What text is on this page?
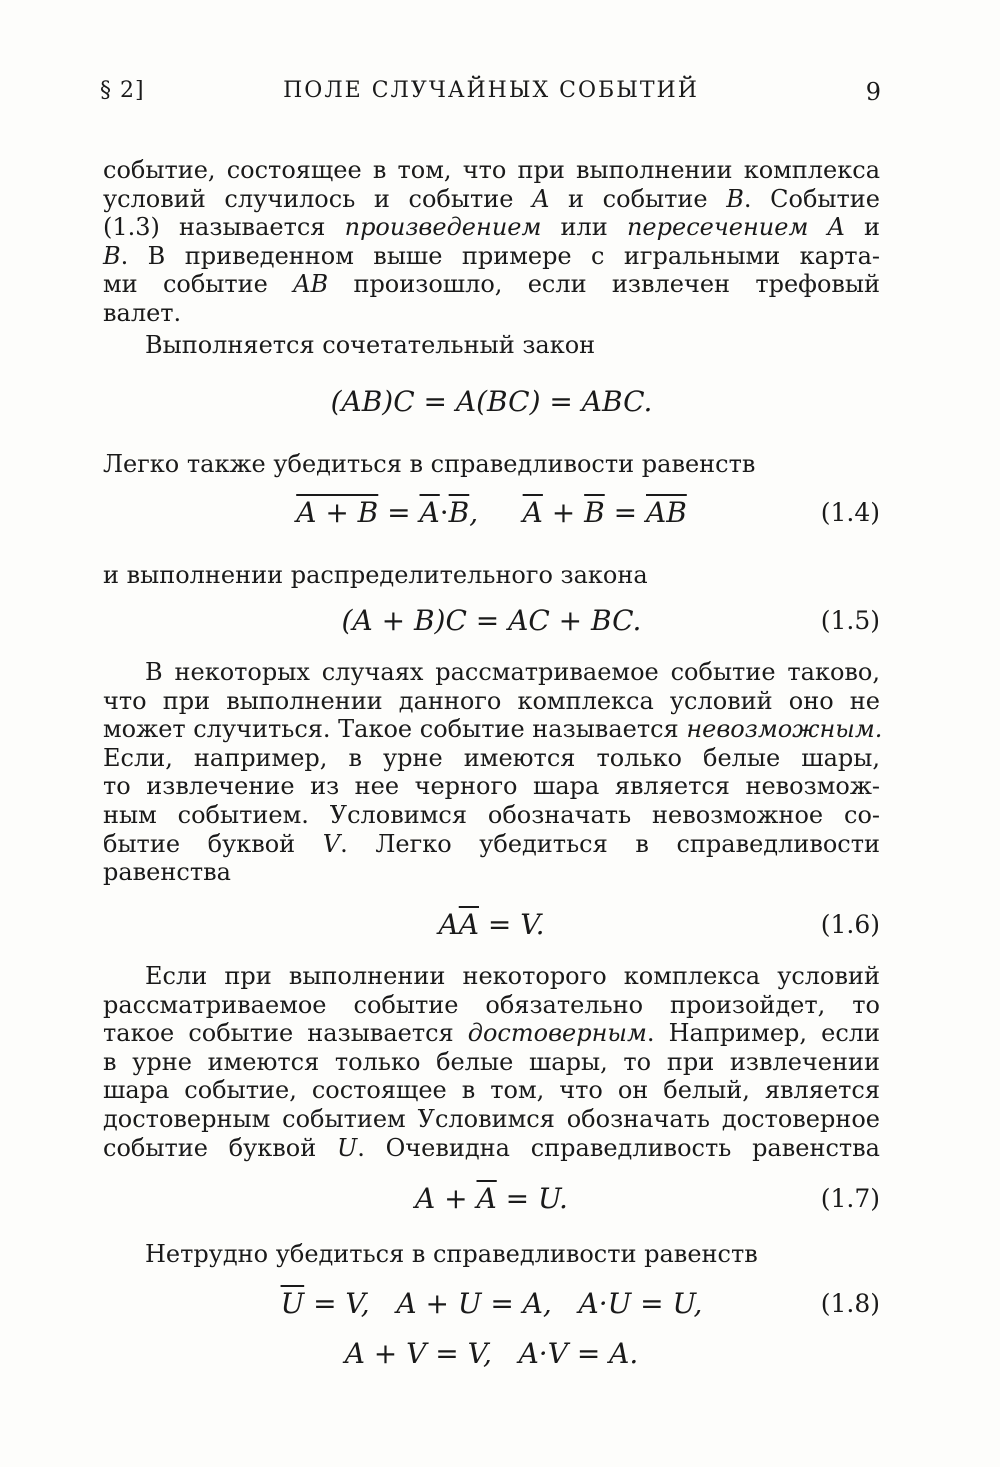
§ 2]	ПОЛЕ СЛУЧАЙНЫХ СОБЫТИЙ	9

событие, состоящее в том, что при выполнении комплекса
условий случилось и событие A и событие B. Событие
(1.3) называется произведением или пересечением A и
B. В приведенном выше примере с игральными карта-
ми событие AB произошло, если извлечен трефовый
валет.

Выполняется сочетательный закон

(AB)C = A(BC) = ABC.

Легко также убедиться в справедливости равенств

$A + B = \overline{A}\cdot\overline{B}$,     $\overline{A} + \overline{B} = \overline{AB}$	(1.4)

и выполнении распределительного закона

(A + B)C = AC + BC.	(1.5)

В некоторых случаях рассматриваемое событие таково,
что при выполнении данного комплекса условий оно не
может случиться. Такое событие называется невозможным.
Если, например, в урне имеются только белые шары,
то извлечение из нее черного шара является невозмож-
ным событием. Условимся обозначать невозможное со-
бытие буквой V. Легко убедиться в справедливости
равенства

$A\overline{A} = V$.	(1.6)

Если при выполнении некоторого комплекса условий
рассматриваемое событие обязательно произойдет, то
такое событие называется достоверным. Например, если
в урне имеются только белые шары, то при извлечении
шара событие, состоящее в том, что он белый, является
достоверным событием Условимся обозначать достоверное
событие буквой U. Очевидна справедливость равенства

$A + \overline{A} = U$.	(1.7)

Нетрудно убедиться в справедливости равенств

$\overline{U} = V$,   A + U = A,   A·U = U,	(1.8)
A + V = V,   A·V = A.
